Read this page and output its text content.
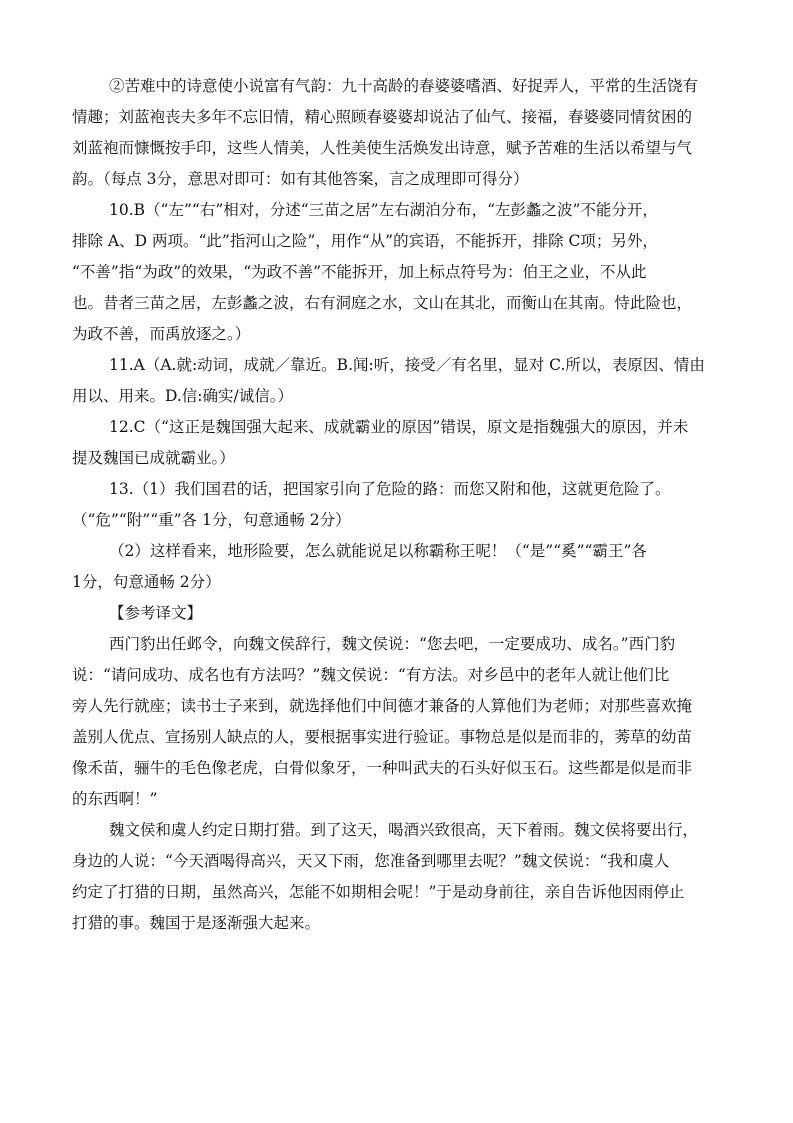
②苦难中的诗意使小说富有气韵：九十高龄的春婆婆嗜酒、好捉弄人，平常的生活饶有
情趣；刘蓝袍丧夫多年不忘旧情，精心照顾春婆婆却说沾了仙气、接福，春婆婆同情贫困的
刘蓝袍而慷慨按手印，这些人情美，人性美使生活焕发出诗意，赋予苦难的生活以希望与气
韵。（每点 3分，意思对即可：如有其他答案，言之成理即可得分）
10.B（“左”“右”相对，分述“三苗之居”左右湖泊分布，“左彭蠡之波”不能分开，
排除 A、D 两项。“此”指河山之险”，用作“从”的宾语，不能拆开，排除 C项；另外，
“不善”指“为政”的效果，“为政不善”不能拆开，加上标点符号为：伯王之业，不从此
也。昔者三苗之居，左彭蠡之波，右有洞庭之水，文山在其北，而衡山在其南。恃此险也，
为政不善，而禹放逐之。）
11.A（A.就:动词，成就／靠近。B.闻:听，接受／有名里，显对 C.所以，表原因、情由
用以、用来。D.信:确实/诚信。）
12.C（“这正是魏国强大起来、成就霸业的原因”错误，原文是指魏强大的原因，并未
提及魏国已成就霸业。）
13.（1）我们国君的话，把国家引向了危险的路：而您又附和他，这就更危险了。
（“危”“附”“重”各 1分，句意通畅 2分）
（2）这样看来，地形险要，怎么就能说足以称霸称王呢！（“是”“奚”“霸王”各
1分，句意通畅 2分）
【参考译文】
西门豹出任邺令，向魏文侯辞行，魏文侯说：“您去吧，一定要成功、成名。”西门豹
说：“请问成功、成名也有方法吗？”魏文侯说：“有方法。对乡邑中的老年人就让他们比
旁人先行就座；读书士子来到，就选择他们中间德才兼备的人算他们为老师；对那些喜欢掩
盖别人优点、宣扬别人缺点的人，要根据事实进行验证。事物总是似是而非的，莠草的幼苗
像禾苗，骊牛的毛色像老虎，白骨似象牙，一种叫武夫的石头好似玉石。这些都是似是而非
的东西啊！”
魏文侯和虞人约定日期打猎。到了这天，喝酒兴致很高，天下着雨。魏文侯将要出行，
身边的人说：“今天酒喝得高兴，天又下雨，您准备到哪里去呢？”魏文侯说：“我和虞人
约定了打猎的日期，虽然高兴，怎能不如期相会呢！”于是动身前往，亲自告诉他因雨停止
打猎的事。魏国于是逐渐强大起来。
